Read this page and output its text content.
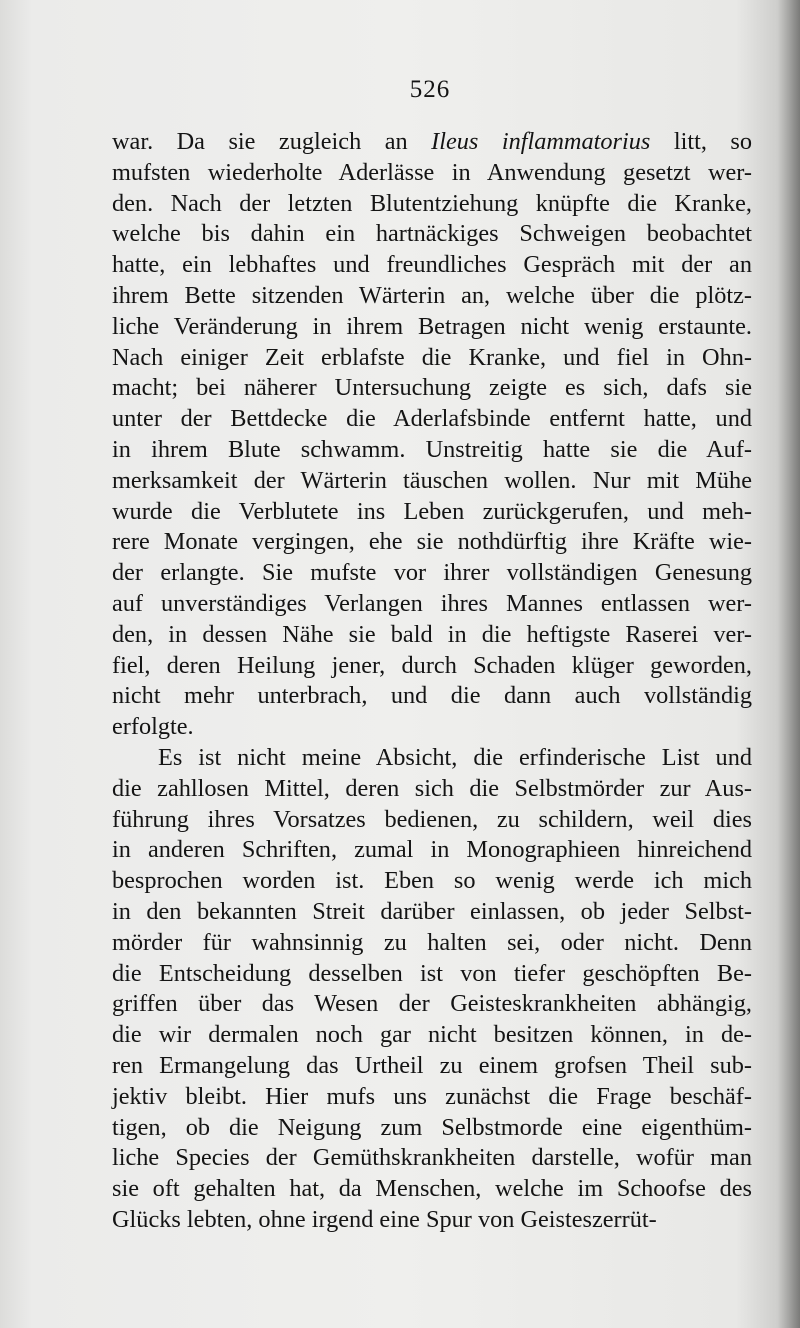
526
war. Da sie zugleich an Ileus inflammatorius litt, so
mufsten wiederholte Aderlässe in Anwendung gesetzt wer-
den. Nach der letzten Blutentziehung knüpfte die Kranke,
welche bis dahin ein hartnäckiges Schweigen beobachtet
hatte, ein lebhaftes und freundliches Gespräch mit der an
ihrem Bette sitzenden Wärterin an, welche über die plötz-
liche Veränderung in ihrem Betragen nicht wenig erstaunte.
Nach einiger Zeit erblafste die Kranke, und fiel in Ohn-
macht; bei näherer Untersuchung zeigte es sich, dafs sie
unter der Bettdecke die Aderlafsbinde entfernt hatte, und
in ihrem Blute schwamm. Unstreitig hatte sie die Auf-
merksamkeit der Wärterin täuschen wollen. Nur mit Mühe
wurde die Verblutete ins Leben zurückgerufen, und meh-
rere Monate vergingen, ehe sie nothdürftig ihre Kräfte wie-
der erlangte. Sie mufste vor ihrer vollständigen Genesung
auf unverständiges Verlangen ihres Mannes entlassen wer-
den, in dessen Nähe sie bald in die heftigste Raserei ver-
fiel, deren Heilung jener, durch Schaden klüger geworden,
nicht mehr unterbrach, und die dann auch vollständig
erfolgte.
Es ist nicht meine Absicht, die erfinderische List und
die zahllosen Mittel, deren sich die Selbstmörder zur Aus-
führung ihres Vorsatzes bedienen, zu schildern, weil dies
in anderen Schriften, zumal in Monographieen hinreichend
besprochen worden ist. Eben so wenig werde ich mich
in den bekannten Streit darüber einlassen, ob jeder Selbst-
mörder für wahnsinnig zu halten sei, oder nicht. Denn
die Entscheidung desselben ist von tiefer geschöpften Be-
griffen über das Wesen der Geisteskrankheiten abhängig,
die wir dermalen noch gar nicht besitzen können, in de-
ren Ermangelung das Urtheil zu einem grofsen Theil sub-
jektiv bleibt. Hier mufs uns zunächst die Frage beschäf-
tigen, ob die Neigung zum Selbstmorde eine eigenthüm-
liche Species der Gemüthskrankheiten darstelle, wofür man
sie oft gehalten hat, da Menschen, welche im Schoofse des
Glücks lebten, ohne irgend eine Spur von Geisteszerrüt-
